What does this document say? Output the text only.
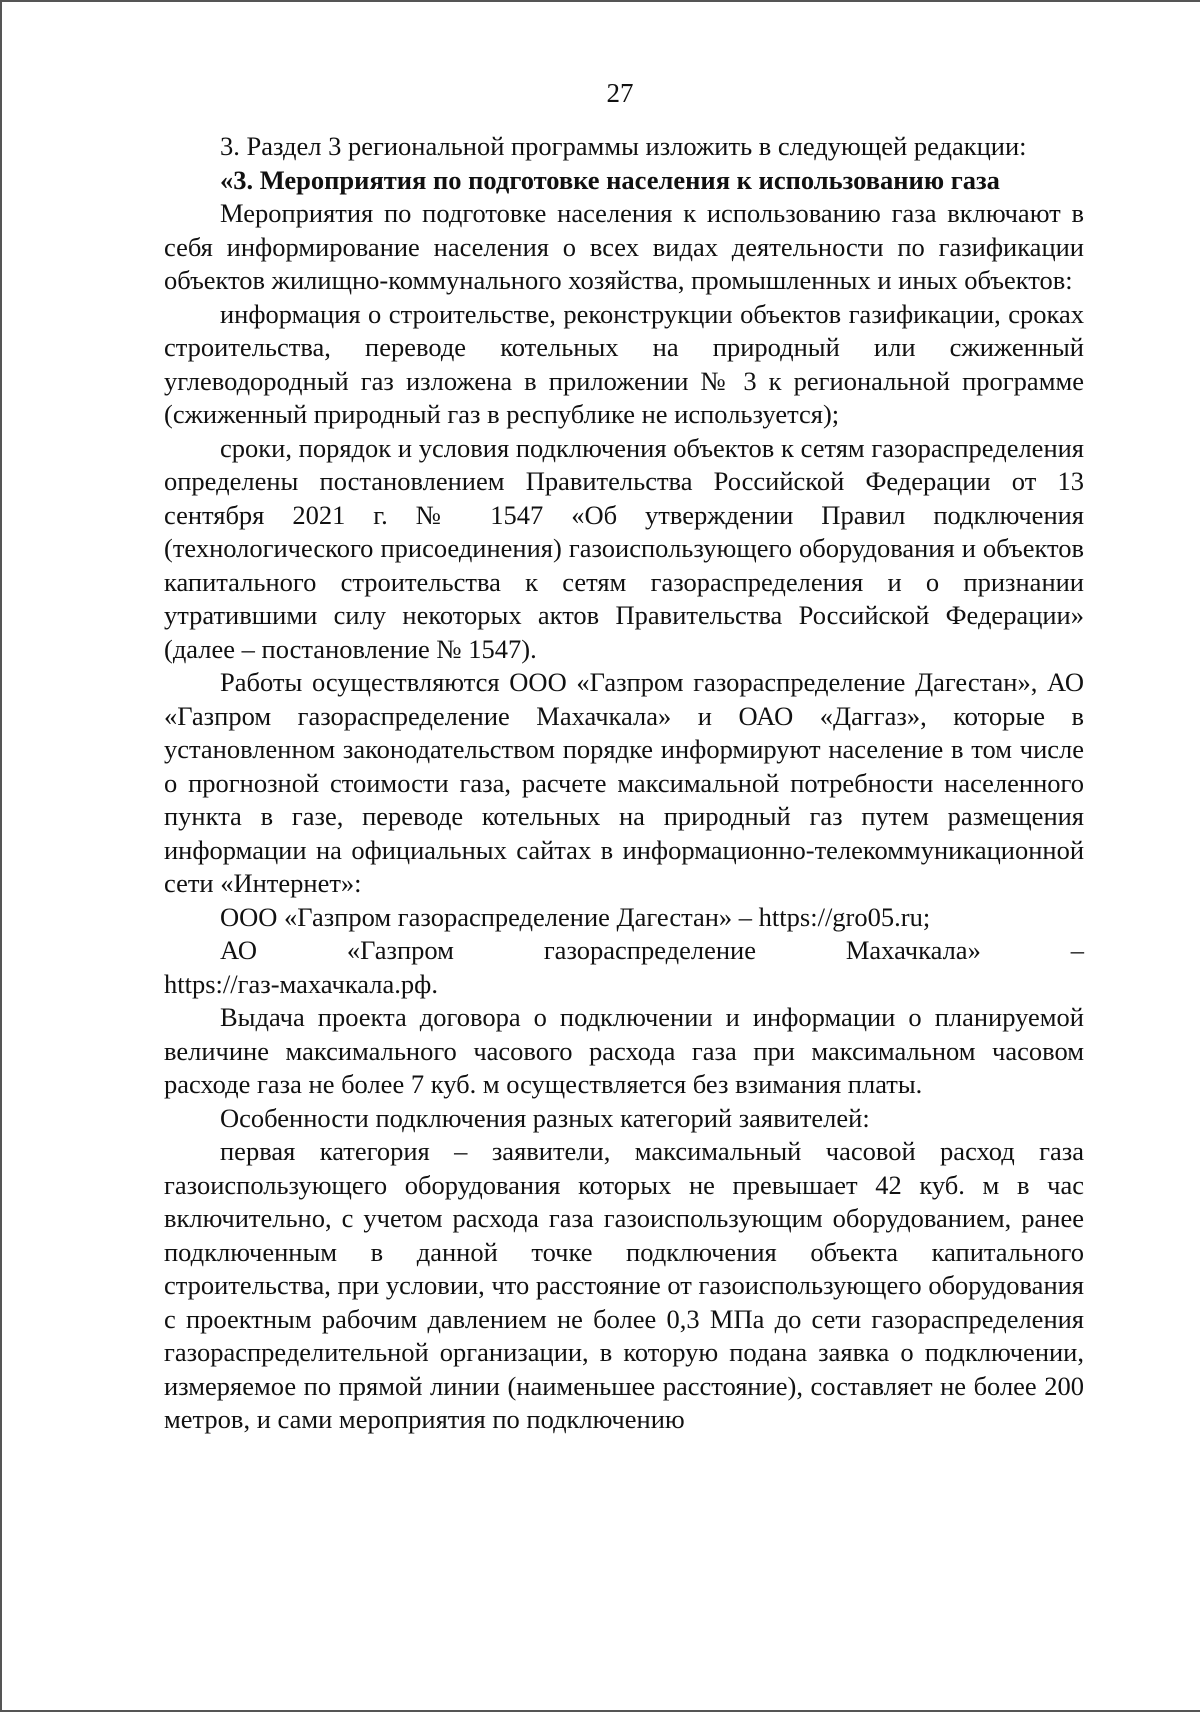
27

3. Раздел 3 региональной программы изложить в следующей редакции:

«3. Мероприятия по подготовке населения к использованию газа

Мероприятия по подготовке населения к использованию газа включают в себя информирование населения о всех видах деятельности по газификации объектов жилищно-коммунального хозяйства, промышленных и иных объектов:

информация о строительстве, реконструкции объектов газификации, сроках строительства, переводе котельных на природный или сжиженный углеводородный газ изложена в приложении № 3 к региональной программе (сжиженный природный газ в республике не используется);

сроки, порядок и условия подключения объектов к сетям газораспределения определены постановлением Правительства Российской Федерации от 13 сентября 2021 г. № 1547 «Об утверждении Правил подключения (технологического присоединения) газоиспользующего оборудования и объектов капитального строительства к сетям газораспределения и о признании утратившими силу некоторых актов Правительства Российской Федерации» (далее – постановление № 1547).

Работы осуществляются ООО «Газпром газораспределение Дагестан», АО «Газпром газораспределение Махачкала» и ОАО «Даггаз», которые в установленном законодательством порядке информируют население в том числе о прогнозной стоимости газа, расчете максимальной потребности населенного пункта в газе, переводе котельных на природный газ путем размещения информации на официальных сайтах в информационно-телекоммуникационной сети «Интернет»:

ООО «Газпром газораспределение Дагестан» – https://gro05.ru;

АО	«Газпром	газораспределение	Махачкала»	–

https://газ-махачкала.рф.

Выдача проекта договора о подключении и информации о планируемой величине максимального часового расхода газа при максимальном часовом расходе газа не более 7 куб. м осуществляется без взимания платы.

Особенности подключения разных категорий заявителей:

первая категория – заявители, максимальный часовой расход газа газоиспользующего оборудования которых не превышает 42 куб. м в час включительно, с учетом расхода газа газоиспользующим оборудованием, ранее подключенным в данной точке подключения объекта капитального строительства, при условии, что расстояние от газоиспользующего оборудования с проектным рабочим давлением не более 0,3 МПа до сети газораспределения газораспределительной организации, в которую подана заявка о подключении, измеряемое по прямой линии (наименьшее расстояние), составляет не более 200 метров, и сами мероприятия по подключению
